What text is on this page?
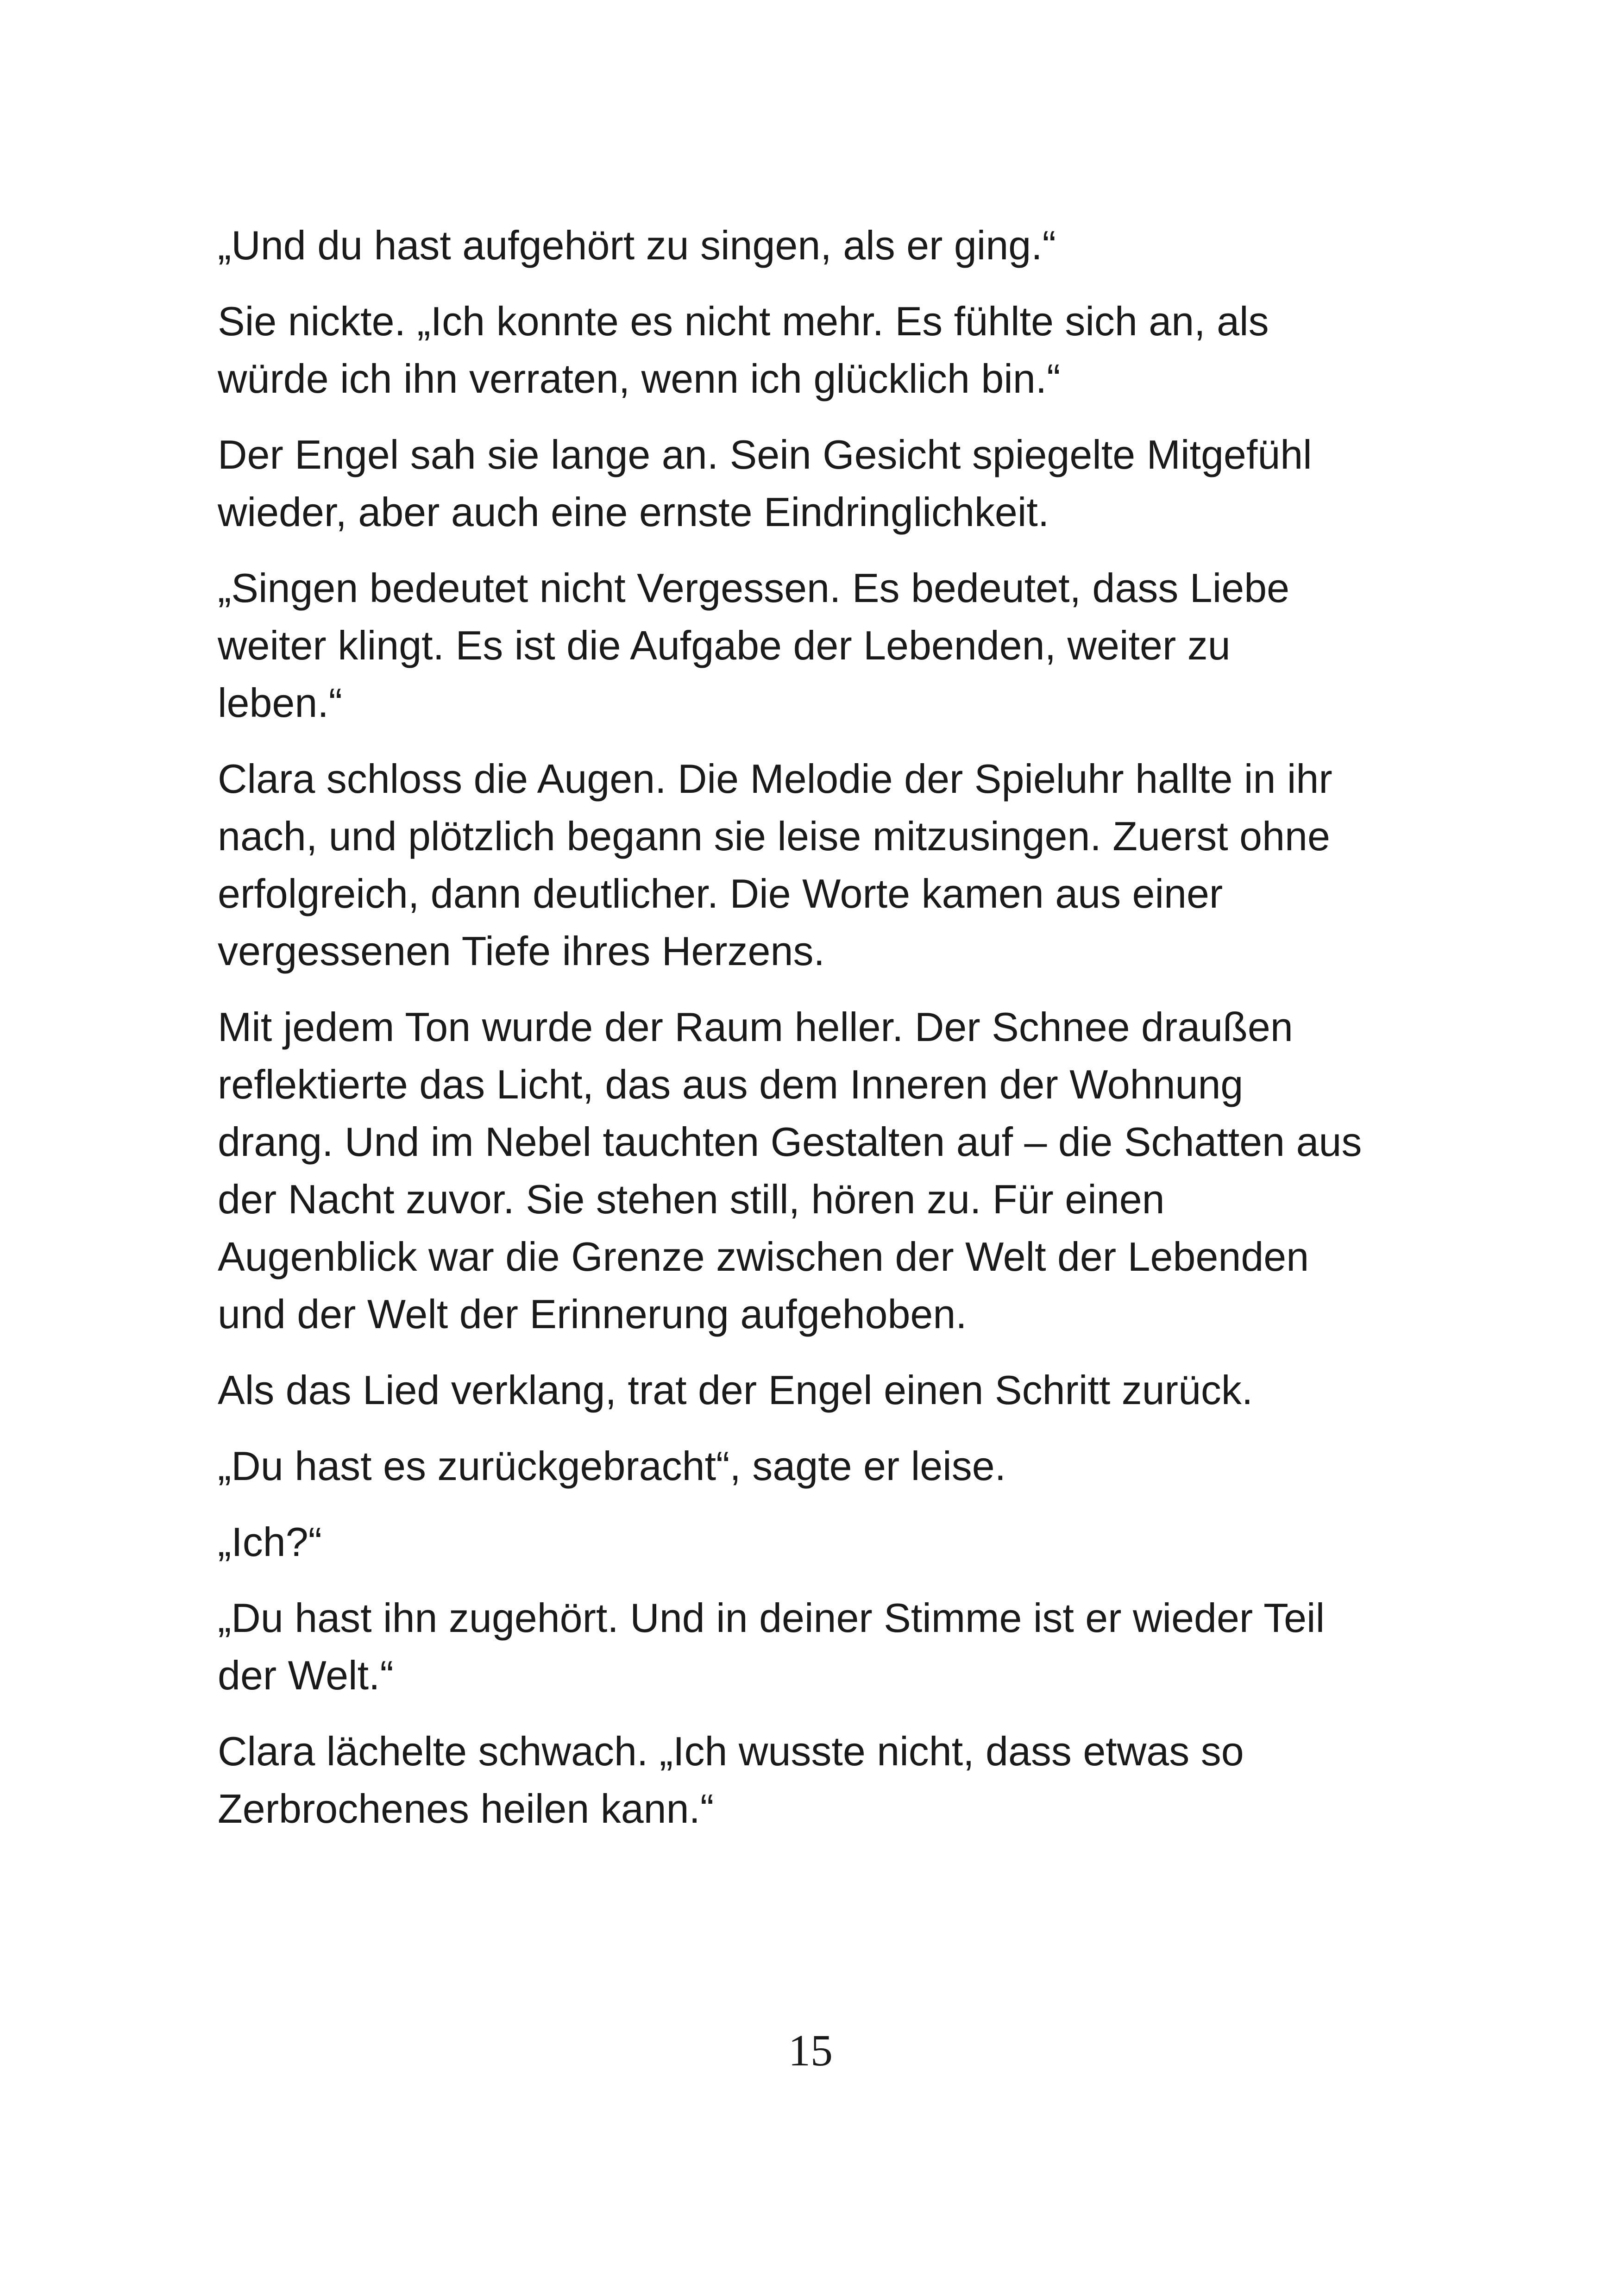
„Und du hast aufgehört zu singen, als er ging.“

Sie nickte. „Ich konnte es nicht mehr. Es fühlte sich an, als
würde ich ihn verraten, wenn ich glücklich bin.“

Der Engel sah sie lange an. Sein Gesicht spiegelte Mitgefühl
wieder, aber auch eine ernste Eindringlichkeit.

„Singen bedeutet nicht Vergessen. Es bedeutet, dass Liebe
weiter klingt. Es ist die Aufgabe der Lebenden, weiter zu
leben.“

Clara schloss die Augen. Die Melodie der Spieluhr hallte in ihr
nach, und plötzlich begann sie leise mitzusingen. Zuerst ohne
erfolgreich, dann deutlicher. Die Worte kamen aus einer
vergessenen Tiefe ihres Herzens.

Mit jedem Ton wurde der Raum heller. Der Schnee draußen
reflektierte das Licht, das aus dem Inneren der Wohnung
drang. Und im Nebel tauchten Gestalten auf – die Schatten aus
der Nacht zuvor. Sie stehen still, hören zu. Für einen
Augenblick war die Grenze zwischen der Welt der Lebenden
und der Welt der Erinnerung aufgehoben.

Als das Lied verklang, trat der Engel einen Schritt zurück.

„Du hast es zurückgebracht“, sagte er leise.

„Ich?“

„Du hast ihn zugehört. Und in deiner Stimme ist er wieder Teil
der Welt.“

Clara lächelte schwach. „Ich wusste nicht, dass etwas so
Zerbrochenes heilen kann.“

15
